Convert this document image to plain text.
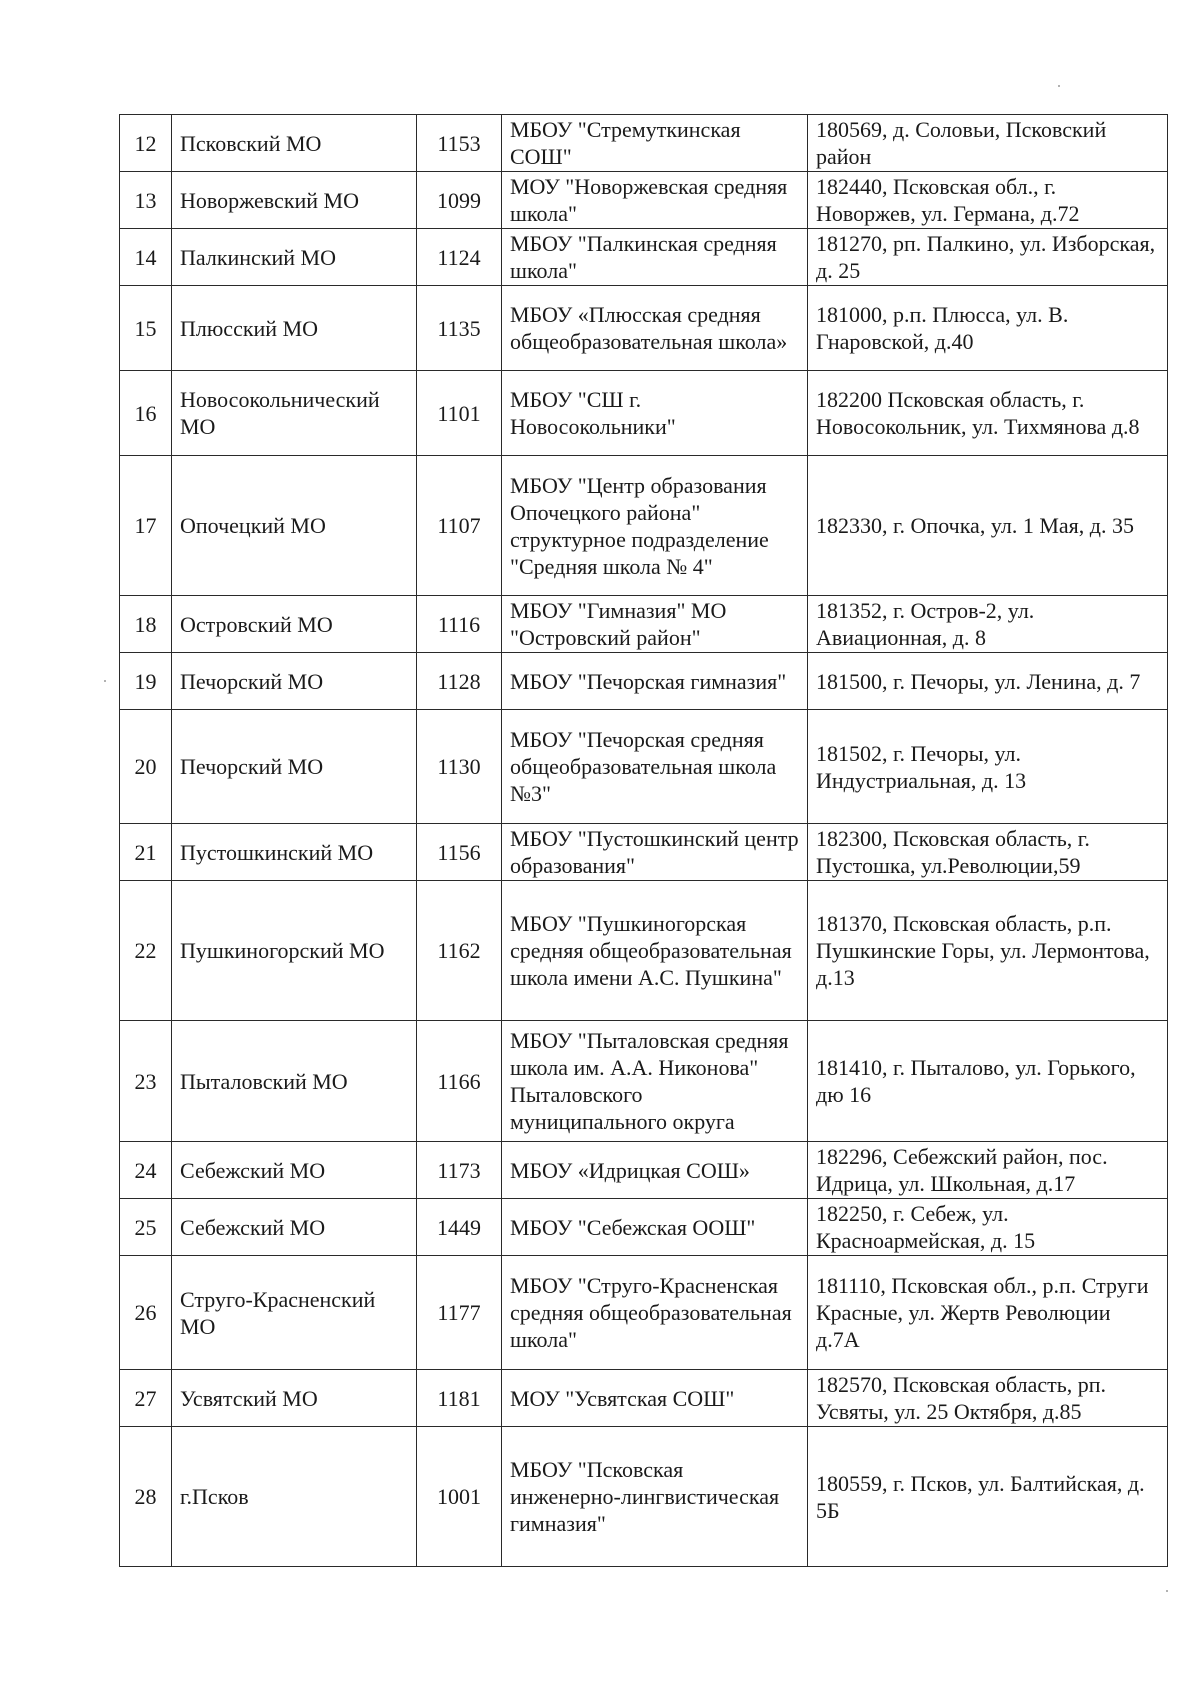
12	Псковский МО	1153	МБОУ "Стремуткинская СОШ"	180569, д. Соловьи, Псковский район
13	Новоржевский МО	1099	МОУ "Новоржевская средняя школа"	182440, Псковская обл., г. Новоржев, ул. Германа, д.72
14	Палкинский МО	1124	МБОУ "Палкинская средняя школа"	181270, рп. Палкино, ул. Изборская, д. 25
15	Плюсский МО	1135	МБОУ «Плюсская средняя общеобразовательная школа»	181000, р.п. Плюсса, ул. В. Гнаровской, д.40
16	Новосокольнический МО	1101	МБОУ "СШ г. Новосокольники"	182200 Псковская область, г. Новосокольник, ул. Тихмянова д.8
17	Опочецкий МО	1107	МБОУ "Центр образования Опочецкого района" структурное подразделение "Средняя школа № 4"	182330, г. Опочка, ул. 1 Мая, д. 35
18	Островский МО	1116	МБОУ "Гимназия" МО "Островский район"	181352, г. Остров-2, ул. Авиационная, д. 8
19	Печорский МО	1128	МБОУ "Печорская гимназия"	181500, г. Печоры, ул. Ленина, д. 7
20	Печорский МО	1130	МБОУ "Печорская средняя общеобразовательная школа №3"	181502, г. Печоры, ул. Индустриальная, д. 13
21	Пустошкинский МО	1156	МБОУ "Пустошкинский центр образования"	182300, Псковская область, г. Пустошка, ул.Революции,59
22	Пушкиногорский МО	1162	МБОУ "Пушкиногорская средняя общеобразовательная школа имени А.С. Пушкина"	181370, Псковская область, р.п. Пушкинские Горы, ул. Лермонтова, д.13
23	Пыталовский МО	1166	МБОУ "Пыталовская средняя школа им. А.А. Никонова" Пыталовского муниципального округа	181410, г. Пыталово, ул. Горького, дю 16
24	Себежский МО	1173	МБОУ «Идрицкая СОШ»	182296, Себежский район, пос. Идрица, ул. Школьная, д.17
25	Себежский МО	1449	МБОУ "Себежская ООШ"	182250, г. Себеж, ул. Красноармейская, д. 15
26	Струго-Красненский МО	1177	МБОУ "Струго-Красненская средняя общеобразовательная школа"	181110, Псковская обл., р.п. Струги Красные, ул. Жертв Революции д.7А
27	Усвятский МО	1181	МОУ "Усвятская СОШ"	182570, Псковская область, рп. Усвяты, ул. 25 Октября, д.85
28	г.Псков	1001	МБОУ "Псковская инженерно-лингвистическая гимназия"	180559, г. Псков, ул. Балтийская, д. 5Б
